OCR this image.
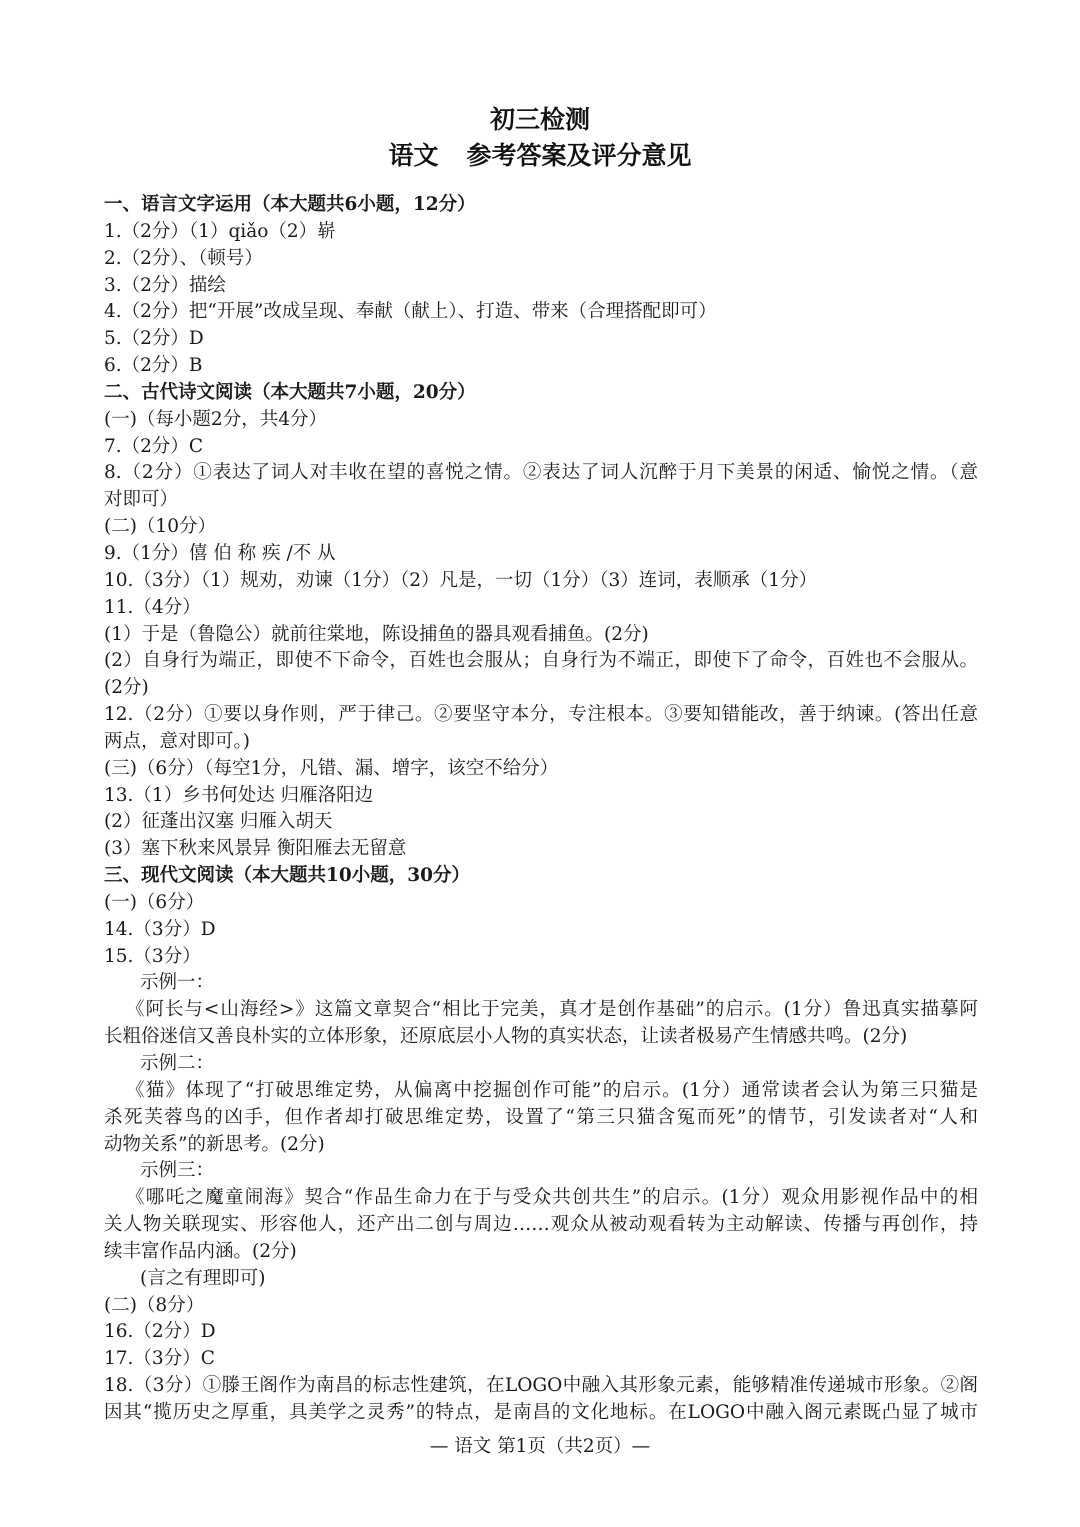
初三检测
语文 参考答案及评分意见
一、语言文字运用（本大题共6小题，12分）
1.（2分）（1）qiǎo（2）崭
2.（2分）、（顿号）
3.（2分）描绘
4.（2分）把“开展”改成呈现、奉献（献上）、打造、带来（合理搭配即可）
5.（2分）D
6.（2分）B
二、古代诗文阅读（本大题共7小题，20分）
(一)（每小题2分，共4分）
7.（2分）C
8.（2分）①表达了词人对丰收在望的喜悦之情。②表达了词人沉醉于月下美景的闲适、愉悦之情。（意
对即可）
(二)（10分）
9.（1分）僖 伯 称 疾 /不 从
10.（3分）（1）规劝，劝谏（1分）（2）凡是，一切（1分）（3）连词，表顺承（1分）
11.（4分）
(1）于是（鲁隐公）就前往棠地，陈设捕鱼的器具观看捕鱼。(2分)
(2）自身行为端正，即使不下命令，百姓也会服从；自身行为不端正，即使下了命令，百姓也不会服从。
(2分)
12.（2分）①要以身作则，严于律己。②要坚守本分，专注根本。③要知错能改，善于纳谏。(答出任意
两点，意对即可。)
(三)（6分）（每空1分，凡错、漏、增字，该空不给分）
13.（1）乡书何处达 归雁洛阳边
(2）征蓬出汉塞 归雁入胡天
(3）塞下秋来风景异 衡阳雁去无留意
三、现代文阅读（本大题共10小题，30分）
(一)（6分）
14.（3分）D
15.（3分）
示例一：
《阿长与<山海经>》这篇文章契合“相比于完美，真才是创作基础”的启示。(1分）鲁迅真实描摹阿
长粗俗迷信又善良朴实的立体形象，还原底层小人物的真实状态，让读者极易产生情感共鸣。(2分)
示例二：
《猫》体现了“打破思维定势，从偏离中挖掘创作可能”的启示。(1分）通常读者会认为第三只猫是
杀死芙蓉鸟的凶手，但作者却打破思维定势，设置了“第三只猫含冤而死”的情节，引发读者对“人和
动物关系”的新思考。(2分)
示例三：
《哪吒之魔童闹海》契合“作品生命力在于与受众共创共生”的启示。(1分）观众用影视作品中的相
关人物关联现实、形容他人，还产出二创与周边……观众从被动观看转为主动解读、传播与再创作，持
续丰富作品内涵。(2分)
(言之有理即可)
(二)（8分）
16.（2分）D
17.（3分）C
18.（3分）①滕王阁作为南昌的标志性建筑，在LOGO中融入其形象元素，能够精准传递城市形象。②阁
因其“揽历史之厚重，具美学之灵秀”的特点，是南昌的文化地标。在LOGO中融入阁元素既凸显了城市
— 语文 第1页（共2页）—
